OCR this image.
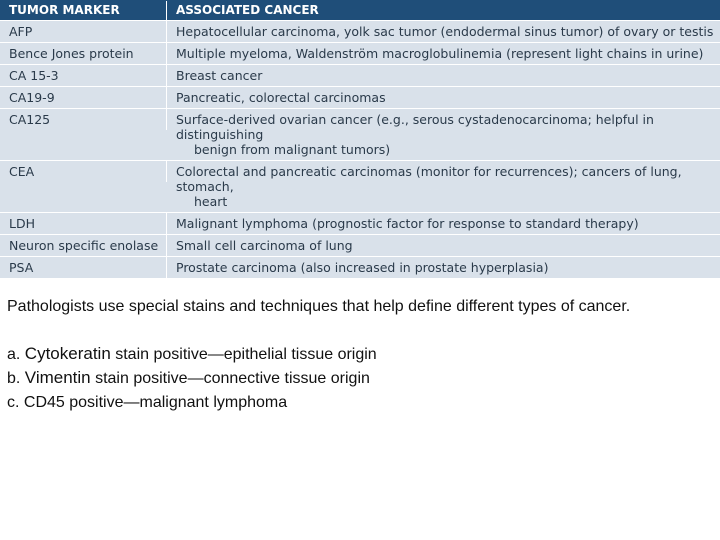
TUMOR MARKER	ASSOCIATED CANCER
AFP	Hepatocellular carcinoma, yolk sac tumor (endodermal sinus tumor) of ovary or testis
Bence Jones protein	Multiple myeloma, Waldenström macroglobulinemia (represent light chains in urine)
CA 15-3	Breast cancer
CA19-9	Pancreatic, colorectal carcinomas
CA125	Surface-derived ovarian cancer (e.g., serous cystadenocarcinoma; helpful in distinguishing
benign from malignant tumors)
CEA	Colorectal and pancreatic carcinomas (monitor for recurrences); cancers of lung, stomach,
heart
LDH	Malignant lymphoma (prognostic factor for response to standard therapy)
Neuron specific enolase	Small cell carcinoma of lung
PSA	Prostate carcinoma (also increased in prostate hyperplasia)

Pathologists use special stains and techniques that help define different types of cancer.

a. Cytokeratin stain positive—epithelial tissue origin
b. Vimentin stain positive—connective tissue origin
c. CD45 positive—malignant lymphoma
